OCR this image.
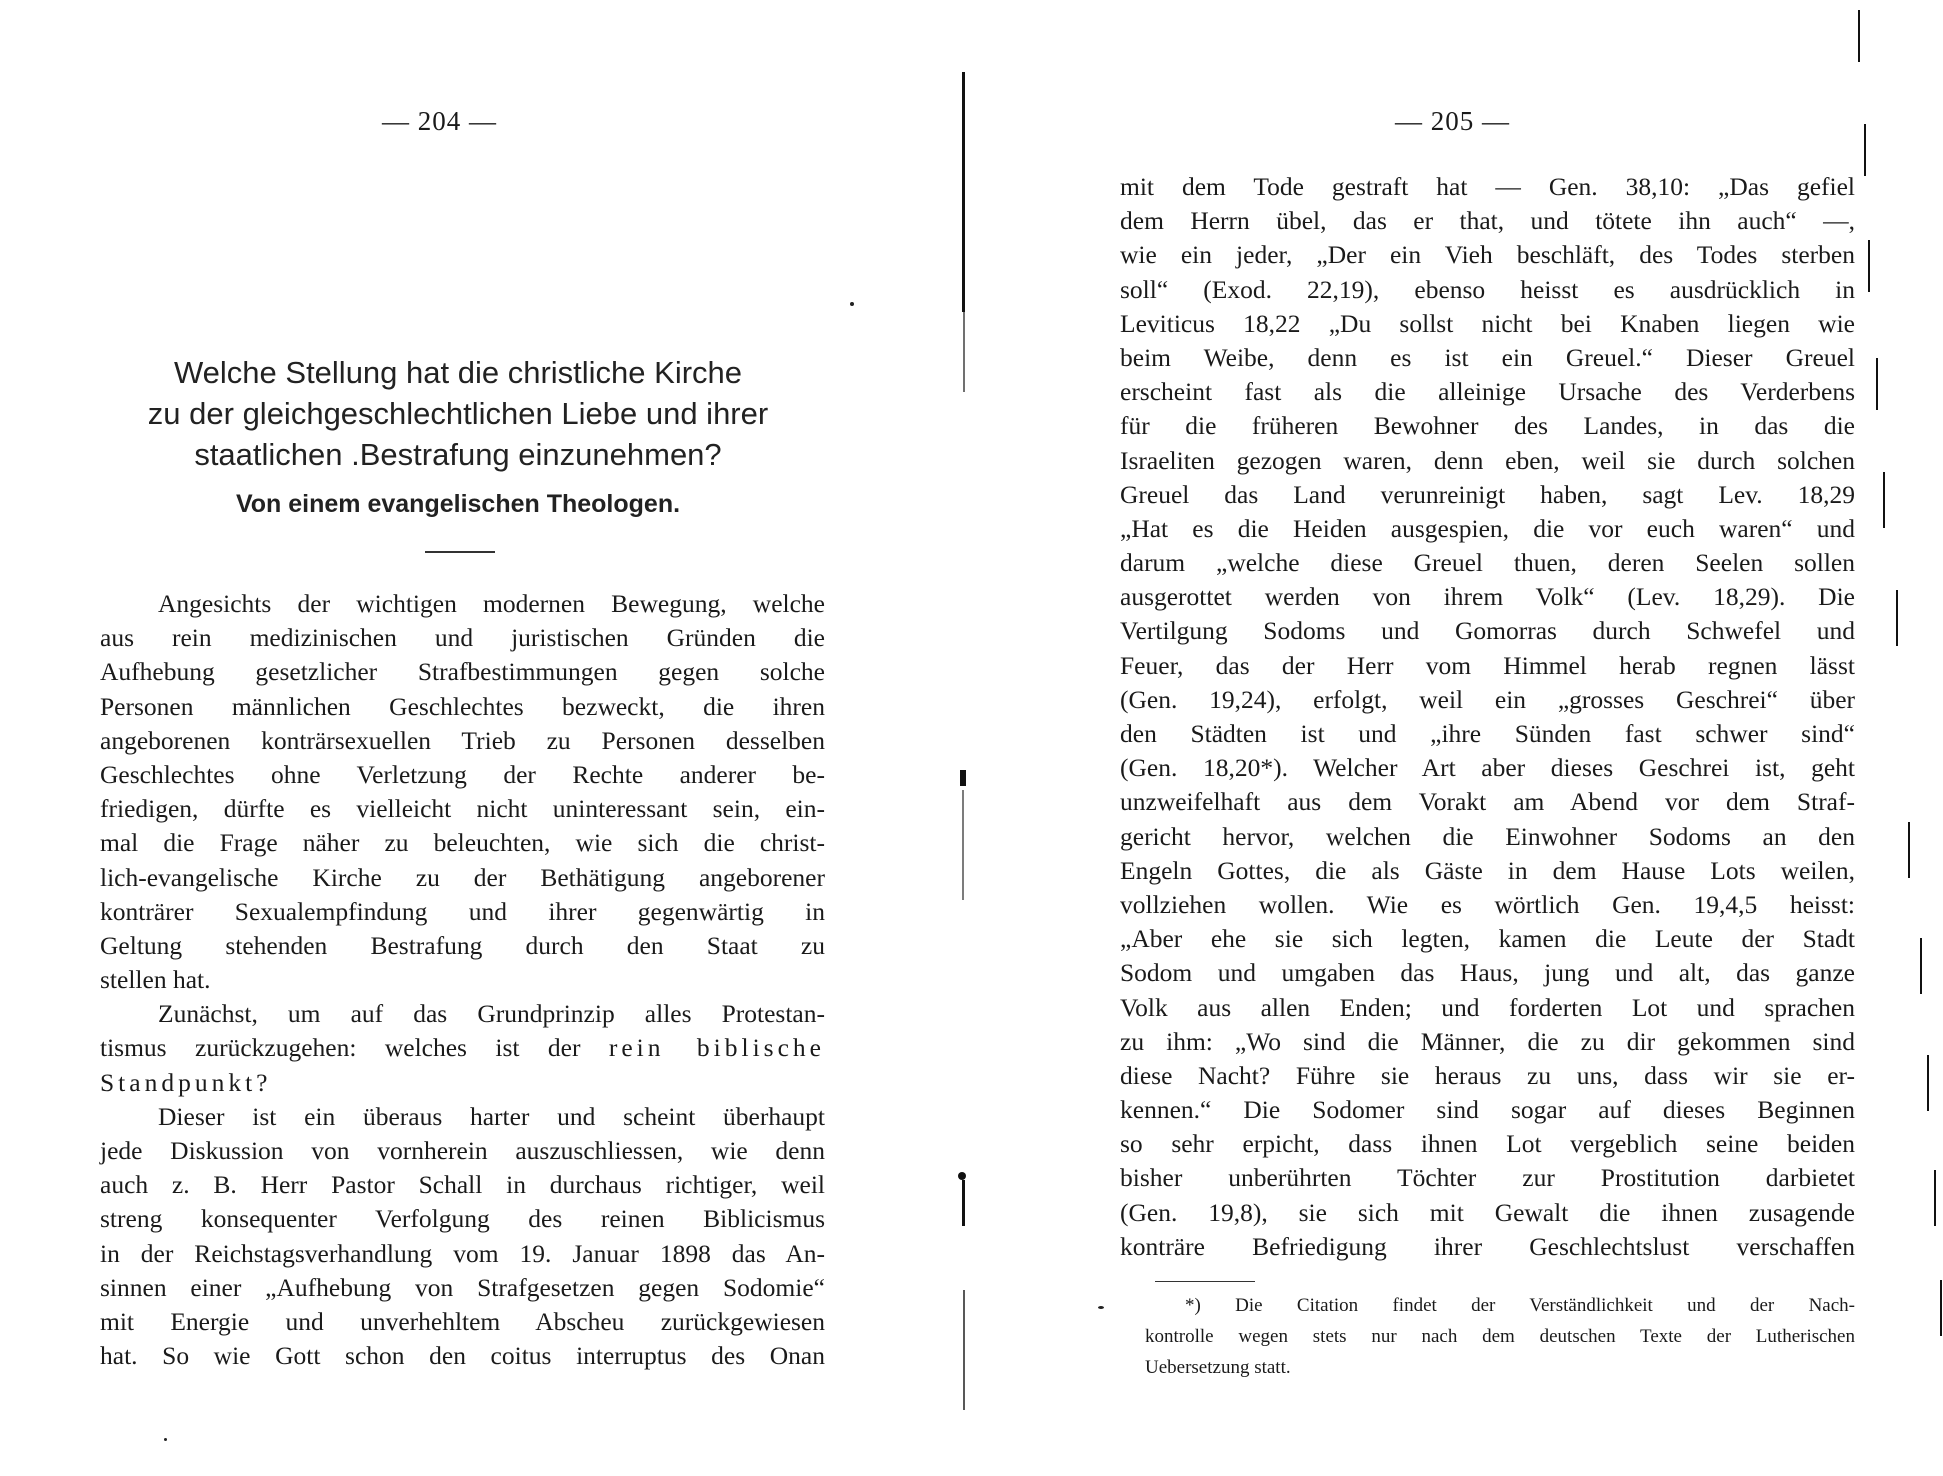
— 204 —
Welche Stellung hat die christliche Kirche
zu der gleichgeschlechtlichen Liebe und ihrer
staatlichen .Bestrafung einzunehmen?
Von einem evangelischen Theologen.
Angesichts der wichtigen modernen Bewegung, welche
aus rein medizinischen und juristischen Gründen die
Aufhebung gesetzlicher Strafbestimmungen gegen solche
Personen männlichen Geschlechtes bezweckt, die ihren
angeborenen konträrsexuellen Trieb zu Personen desselben
Geschlechtes ohne Verletzung der Rechte anderer be-
friedigen, dürfte es vielleicht nicht uninteressant sein, ein-
mal die Frage näher zu beleuchten, wie sich die christ-
lich-evangelische Kirche zu der Bethätigung angeborener
konträrer Sexualempfindung und ihrer gegenwärtig in
Geltung stehenden Bestrafung durch den Staat zu
stellen hat.
Zunächst, um auf das Grundprinzip alles Protestan-
tismus zurückzugehen: welches ist der rein biblische
Standpunkt?
Dieser ist ein überaus harter und scheint überhaupt
jede Diskussion von vornherein auszuschliessen, wie denn
auch z. B. Herr Pastor Schall in durchaus richtiger, weil
streng konsequenter Verfolgung des reinen Biblicismus
in der Reichstagsverhandlung vom 19. Januar 1898 das An-
sinnen einer „Aufhebung von Strafgesetzen gegen Sodomie“
mit Energie und unverhehltem Abscheu zurückgewiesen
hat. So wie Gott schon den coitus interruptus des Onan
— 205 —
mit dem Tode gestraft hat — Gen. 38,10: „Das gefiel
dem Herrn übel, das er that, und tötete ihn auch“ —,
wie ein jeder, „Der ein Vieh beschläft, des Todes sterben
soll“ (Exod. 22,19), ebenso heisst es ausdrücklich in
Leviticus 18,22 „Du sollst nicht bei Knaben liegen wie
beim Weibe, denn es ist ein Greuel.“ Dieser Greuel
erscheint fast als die alleinige Ursache des Verderbens
für die früheren Bewohner des Landes, in das die
Israeliten gezogen waren, denn eben, weil sie durch solchen
Greuel das Land verunreinigt haben, sagt Lev. 18,29
„Hat es die Heiden ausgespien, die vor euch waren“ und
darum „welche diese Greuel thuen, deren Seelen sollen
ausgerottet werden von ihrem Volk“ (Lev. 18,29). Die
Vertilgung Sodoms und Gomorras durch Schwefel und
Feuer, das der Herr vom Himmel herab regnen lässt
(Gen. 19,24), erfolgt, weil ein „grosses Geschrei“ über
den Städten ist und „ihre Sünden fast schwer sind“
(Gen. 18,20*). Welcher Art aber dieses Geschrei ist, geht
unzweifelhaft aus dem Vorakt am Abend vor dem Straf-
gericht hervor, welchen die Einwohner Sodoms an den
Engeln Gottes, die als Gäste in dem Hause Lots weilen,
vollziehen wollen. Wie es wörtlich Gen. 19,4,5 heisst:
„Aber ehe sie sich legten, kamen die Leute der Stadt
Sodom und umgaben das Haus, jung und alt, das ganze
Volk aus allen Enden; und forderten Lot und sprachen
zu ihm: „Wo sind die Männer, die zu dir gekommen sind
diese Nacht? Führe sie heraus zu uns, dass wir sie er-
kennen.“ Die Sodomer sind sogar auf dieses Beginnen
so sehr erpicht, dass ihnen Lot vergeblich seine beiden
bisher unberührten Töchter zur Prostitution darbietet
(Gen. 19,8), sie sich mit Gewalt die ihnen zusagende
konträre Befriedigung ihrer Geschlechtslust verschaffen
*) Die Citation findet der Verständlichkeit und der Nach-
kontrolle wegen stets nur nach dem deutschen Texte der Lutherischen
Uebersetzung statt.
